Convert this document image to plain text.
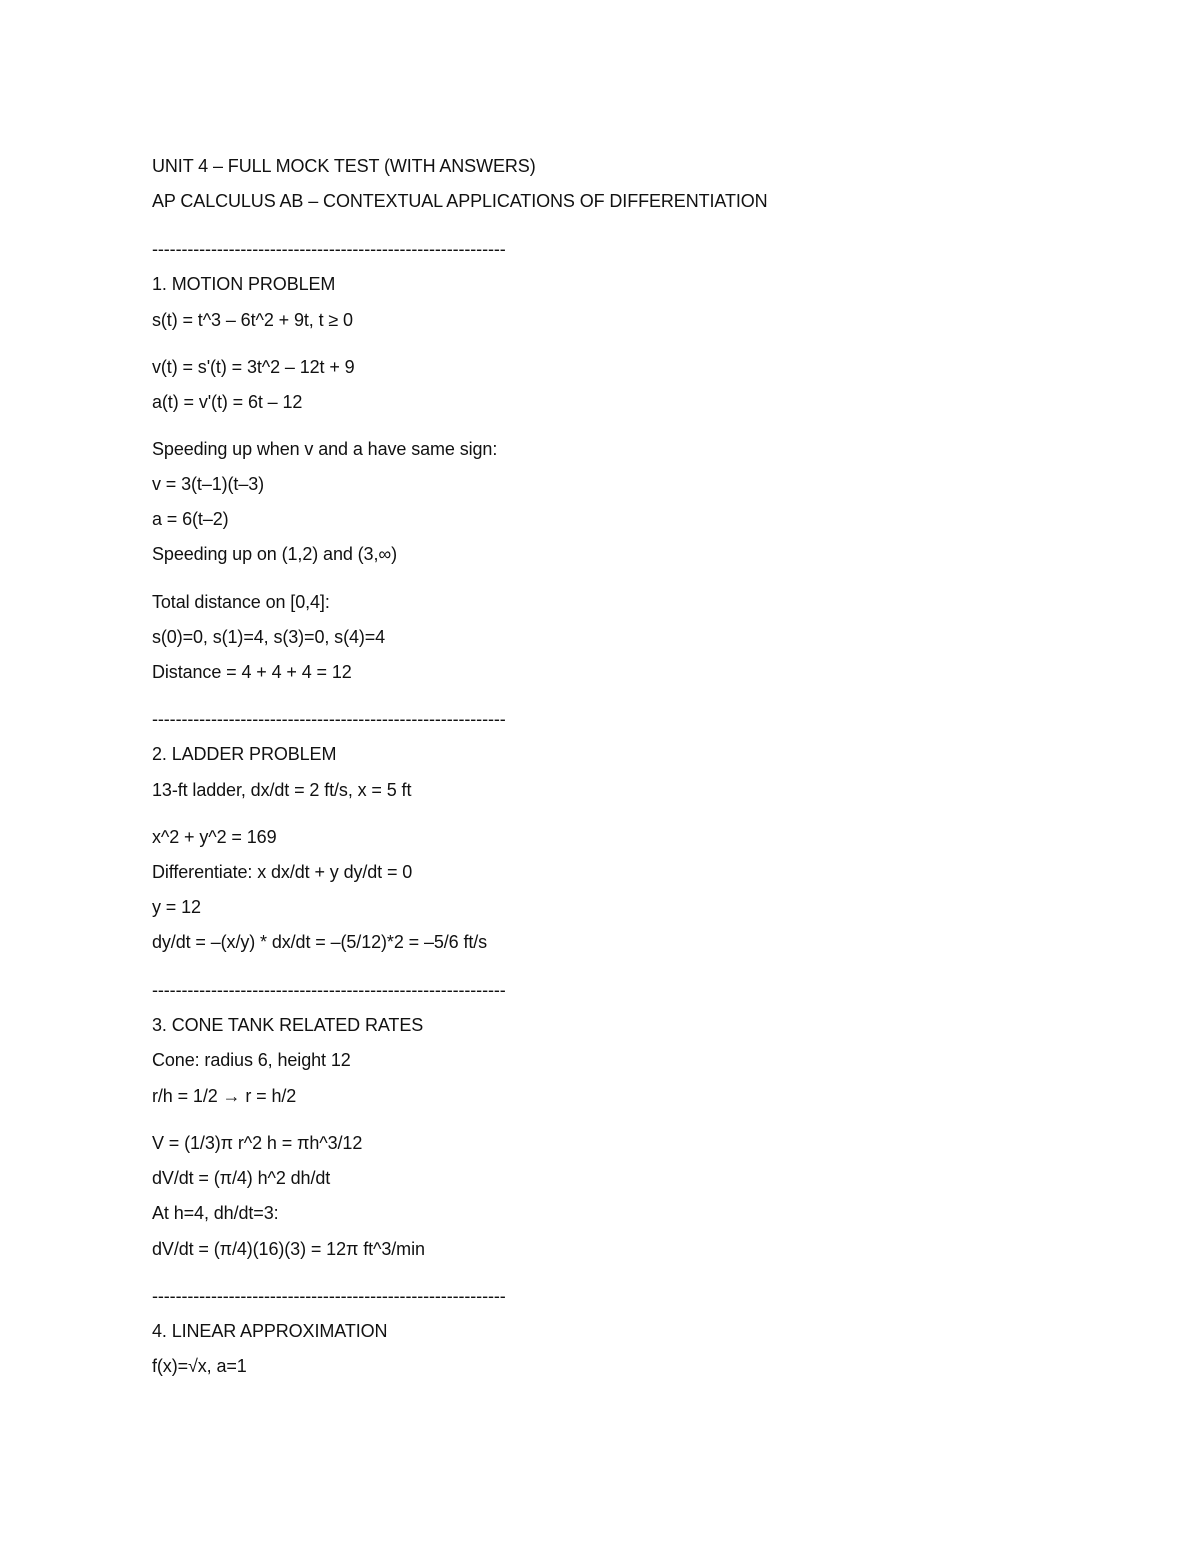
UNIT 4 – FULL MOCK TEST (WITH ANSWERS)
AP CALCULUS AB – CONTEXTUAL APPLICATIONS OF DIFFERENTIATION
------------------------------------------------------------
1. MOTION PROBLEM
s(t) = t^3 – 6t^2 + 9t, t ≥ 0
v(t) = s'(t) = 3t^2 – 12t + 9
a(t) = v'(t) = 6t – 12
Speeding up when v and a have same sign:
v = 3(t–1)(t–3)
a = 6(t–2)
Speeding up on (1,2) and (3,∞)
Total distance on [0,4]:
s(0)=0, s(1)=4, s(3)=0, s(4)=4
Distance = 4 + 4 + 4 = 12
------------------------------------------------------------
2. LADDER PROBLEM
13-ft ladder, dx/dt = 2 ft/s, x = 5 ft
x^2 + y^2 = 169
Differentiate: x dx/dt + y dy/dt = 0
y = 12
dy/dt = –(x/y) * dx/dt = –(5/12)*2 = –5/6 ft/s
------------------------------------------------------------
3. CONE TANK RELATED RATES
Cone: radius 6, height 12
r/h = 1/2 → r = h/2
V = (1/3)π r^2 h = πh^3/12
dV/dt = (π/4) h^2 dh/dt
At h=4, dh/dt=3:
dV/dt = (π/4)(16)(3) = 12π ft^3/min
------------------------------------------------------------
4. LINEAR APPROXIMATION
f(x)=√x, a=1
